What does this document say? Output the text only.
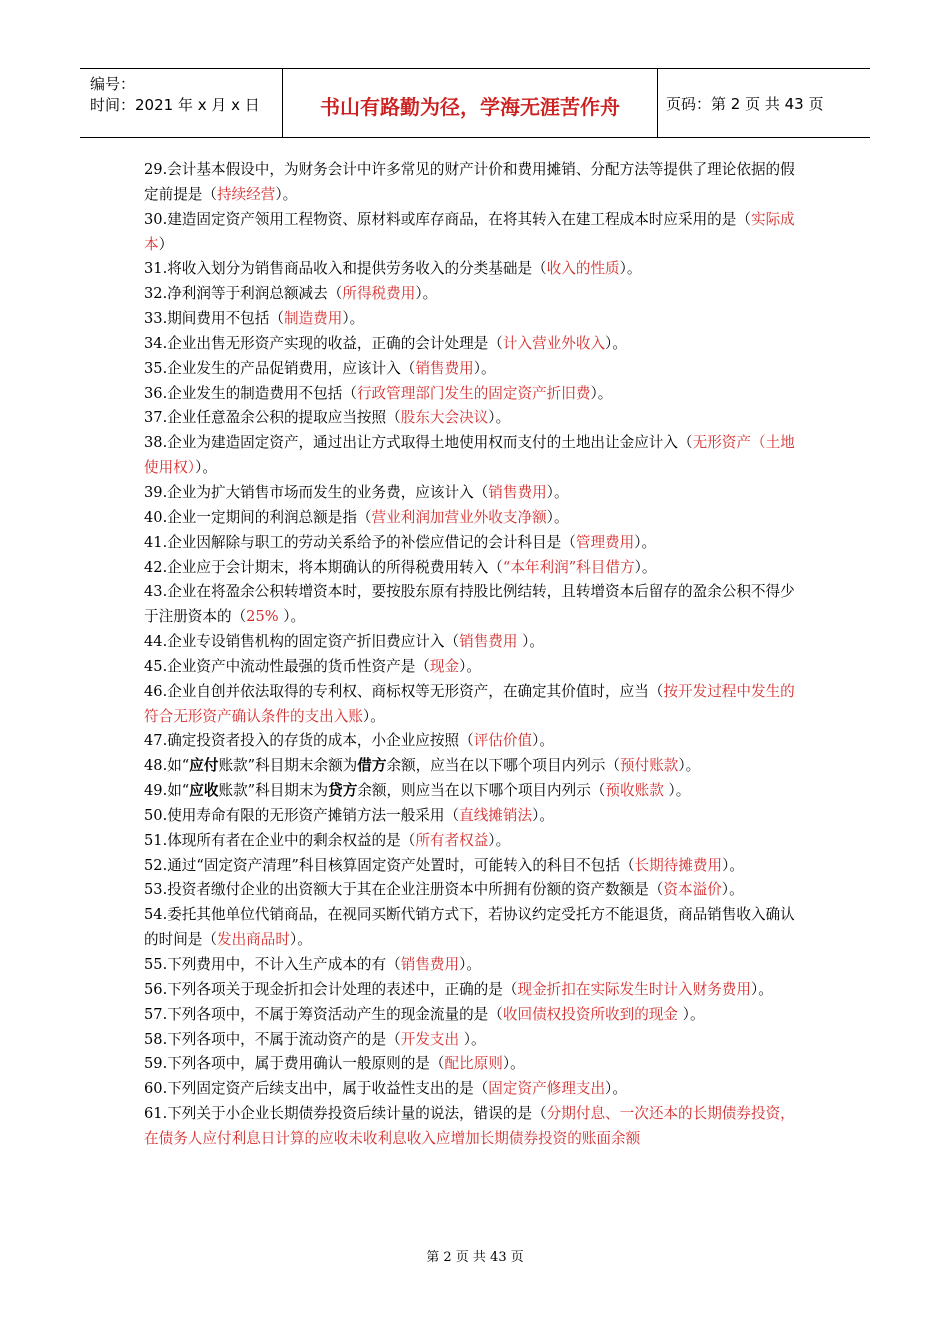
编号：
时间：2021 年 x 月 x 日	书山有路勤为径，学海无涯苦作舟	页码：第 2 页 共 43 页

29.会计基本假设中，为财务会计中许多常见的财产计价和费用摊销、分配方法等提供了理论依据的假定前提是（持续经营）。

30.建造固定资产领用工程物资、原材料或库存商品，在将其转入在建工程成本时应采用的是（实际成本）

31.将收入划分为销售商品收入和提供劳务收入的分类基础是（收入的性质）。

32.净利润等于利润总额减去（所得税费用）。

33.期间费用不包括（制造费用）。

34.企业出售无形资产实现的收益，正确的会计处理是（计入营业外收入）。

35.企业发生的产品促销费用，应该计入（销售费用）。

36.企业发生的制造费用不包括（行政管理部门发生的固定资产折旧费）。

37.企业任意盈余公积的提取应当按照（股东大会决议）。

38.企业为建造固定资产，通过出让方式取得土地使用权而支付的土地出让金应计入（无形资产（土地使用权））。

39.企业为扩大销售市场而发生的业务费，应该计入（销售费用）。

40.企业一定期间的利润总额是指（营业利润加营业外收支净额）。

41.企业因解除与职工的劳动关系给予的补偿应借记的会计科目是（管理费用）。

42.企业应于会计期末，将本期确认的所得税费用转入（“本年利润”科目借方）。

43.企业在将盈余公积转增资本时，要按股东原有持股比例结转，且转增资本后留存的盈余公积不得少于注册资本的（25% ）。

44.企业专设销售机构的固定资产折旧费应计入（销售费用 ）。

45.企业资产中流动性最强的货币性资产是（现金）。

46.企业自创并依法取得的专利权、商标权等无形资产，在确定其价值时，应当（按开发过程中发生的符合无形资产确认条件的支出入账）。

47.确定投资者投入的存货的成本，小企业应按照（评估价值）。

48.如“应付账款”科目期末余额为借方余额，应当在以下哪个项目内列示（预付账款）。

49.如“应收账款”科目期末为贷方余额，则应当在以下哪个项目内列示（预收账款 ）。

50.使用寿命有限的无形资产摊销方法一般采用（直线摊销法）。

51.体现所有者在企业中的剩余权益的是（所有者权益）。

52.通过“固定资产清理”科目核算固定资产处置时，可能转入的科目不包括（长期待摊费用）。

53.投资者缴付企业的出资额大于其在企业注册资本中所拥有份额的资产数额是（资本溢价）。

54.委托其他单位代销商品，在视同买断代销方式下，若协议约定受托方不能退货，商品销售收入确认的时间是（发出商品时）。

55.下列费用中，不计入生产成本的有（销售费用）。

56.下列各项关于现金折扣会计处理的表述中，正确的是（现金折扣在实际发生时计入财务费用）。

57.下列各项中，不属于筹资活动产生的现金流量的是（收回债权投资所收到的现金 ）。

58.下列各项中，不属于流动资产的是（开发支出 ）。

59.下列各项中，属于费用确认一般原则的是（配比原则）。

60.下列固定资产后续支出中，属于收益性支出的是（固定资产修理支出）。

61.下列关于小企业长期债券投资后续计量的说法，错误的是（分期付息、一次还本的长期债券投资，在债务人应付利息日计算的应收未收利息收入应增加长期债券投资的账面余额

第 2 页 共 43 页
